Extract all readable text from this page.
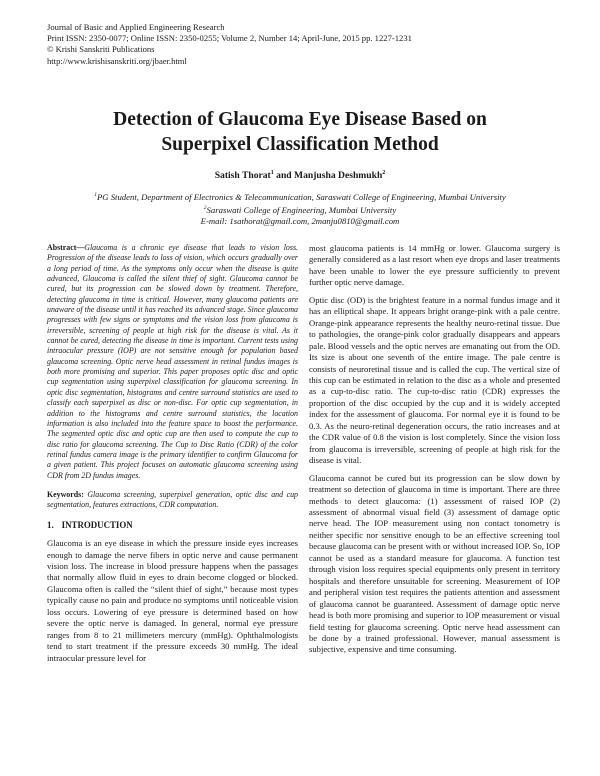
Journal of Basic and Applied Engineering Research
Print ISSN: 2350-0077; Online ISSN: 2350-0255; Volume 2, Number 14; April-June, 2015 pp. 1227-1231
© Krishi Sanskriti Publications
http://www.krishisanskriti.org/jbaer.html
Detection of Glaucoma Eye Disease Based on
Superpixel Classification Method
Satish Thorat$^1$ and Manjusha Deshmukh$^2$
$^1$PG Student, Department of Electronics & Telecommunication, Saraswati College of Engineering, Mumbai University
$^2$Saraswati College of Engineering, Mumbai University
E-mail: 1sathorat@gmail.com, 2manju0810@gmail.com

Abstract—Glaucoma is a chronic eye disease that leads to vision loss. Progression of the disease leads to loss of vision, which occurs gradually over a long period of time. As the symptoms only occur when the disease is quite advanced, Glaucoma is called the silent thief of sight. Glaucoma cannot be cured, but its progression can be slowed down by treatment. Therefore, detecting glaucoma in time is critical. However, many glaucoma patients are unaware of the disease until it has reached its advanced stage. Since glaucoma progresses with few signs or symptoms and the vision loss from glaucoma is irreversible, screening of people at high risk for the disease is vital. As it cannot be cured, detecting the disease in time is important. Current tests using intraocular pressure (IOP) are not sensitive enough for population based glaucoma screening. Optic nerve head assessment in retinal fundus images is both more promising and superior. This paper proposes optic disc and optic cup segmentation using superpixel classification for glaucoma screening. In optic disc segmentation, histograms and centre surround statistics are used to classify each superpixel as disc or non-disc. For optic cup segmentation, in addition to the histograms and centre surround statistics, the location information is also included into the feature space to boost the performance. The segmented optic disc and optic cup are then used to compute the cup to disc ratio for glaucoma screening. The Cup to Disc Ratio (CDR) of the color retinal fundus camera image is the primary identifier to confirm Glaucoma for a given patient. This project focuses on automatic glaucoma screening using CDR from 2D fundus images.

Keywords: Glaucoma screening, superpixel generation, optic disc and cup segmentation, features extractions, CDR computation.

1. INTRODUCTION

Glaucoma is an eye disease in which the pressure inside eyes increases enough to damage the nerve fibers in optic nerve and cause permanent vision loss. The increase in blood pressure happens when the passages that normally allow fluid in eyes to drain become clogged or blocked. Glaucoma often is called the “silent thief of sight,” because most types typically cause no pain and produce no symptoms until noticeable vision loss occurs. Lowering of eye pressure is determined based on how severe the optic nerve is damaged. In general, normal eye pressure ranges from 8 to 21 millimeters mercury (mmHg). Ophthalmologists tend to start treatment if the pressure exceeds 30 mmHg. The ideal intraocular pressure level for

most glaucoma patients is 14 mmHg or lower. Glaucoma surgery is generally considered as a last resort when eye drops and laser treatments have been unable to lower the eye pressure sufficiently to prevent further optic nerve damage.

Optic disc (OD) is the brightest feature in a normal fundus image and it has an elliptical shape. It appears bright orange-pink with a pale centre. Orange-pink appearance represents the healthy neuro-retinal tissue. Due to pathologies, the orange-pink color gradually disappears and appears pale. Blood vessels and the optic nerves are emanating out from the OD. Its size is about one seventh of the entire image. The pale centre is consists of neuroretinal tissue and is called the cup. The vertical size of this cup can be estimated in relation to the disc as a whole and presented as a cup-to-disc ratio. The cup-to-disc ratio (CDR) expresses the proportion of the disc occupied by the cup and it is widely accepted index for the assessment of glaucoma. For normal eye it is found to be 0.3. As the neuro-retinal degeneration occurs, the ratio increases and at the CDR value of 0.8 the vision is lost completely. Since the vision loss from glaucoma is irreversible, screening of people at high risk for the disease is vital.

Glaucoma cannot be cured but its progression can be slow down by treatment so detection of glaucoma in time is important. There are three methods to detect glaucoma: (1) assessment of raised IOP (2) assessment of abnormal visual field (3) assessment of damage optic nerve head. The IOP measurement using non contact tonometry is neither specific nor sensitive enough to be an effective screening tool because glaucoma can be present with or without increased IOP. So, IOP cannot be used as a standard measure for glaucoma. A function test through vision loss requires special equipments only present in territory hospitals and therefore unsuitable for screening. Measurement of IOP and peripheral vision test requires the patients attention and assessment of glaucoma cannot be guaranteed. Assessment of damage optic nerve head is both more promising and superior to IOP measurement or visual field testing for glaucoma screening. Optic nerve head assessment can be done by a trained professional. However, manual assessment is subjective, expensive and time consuming.
